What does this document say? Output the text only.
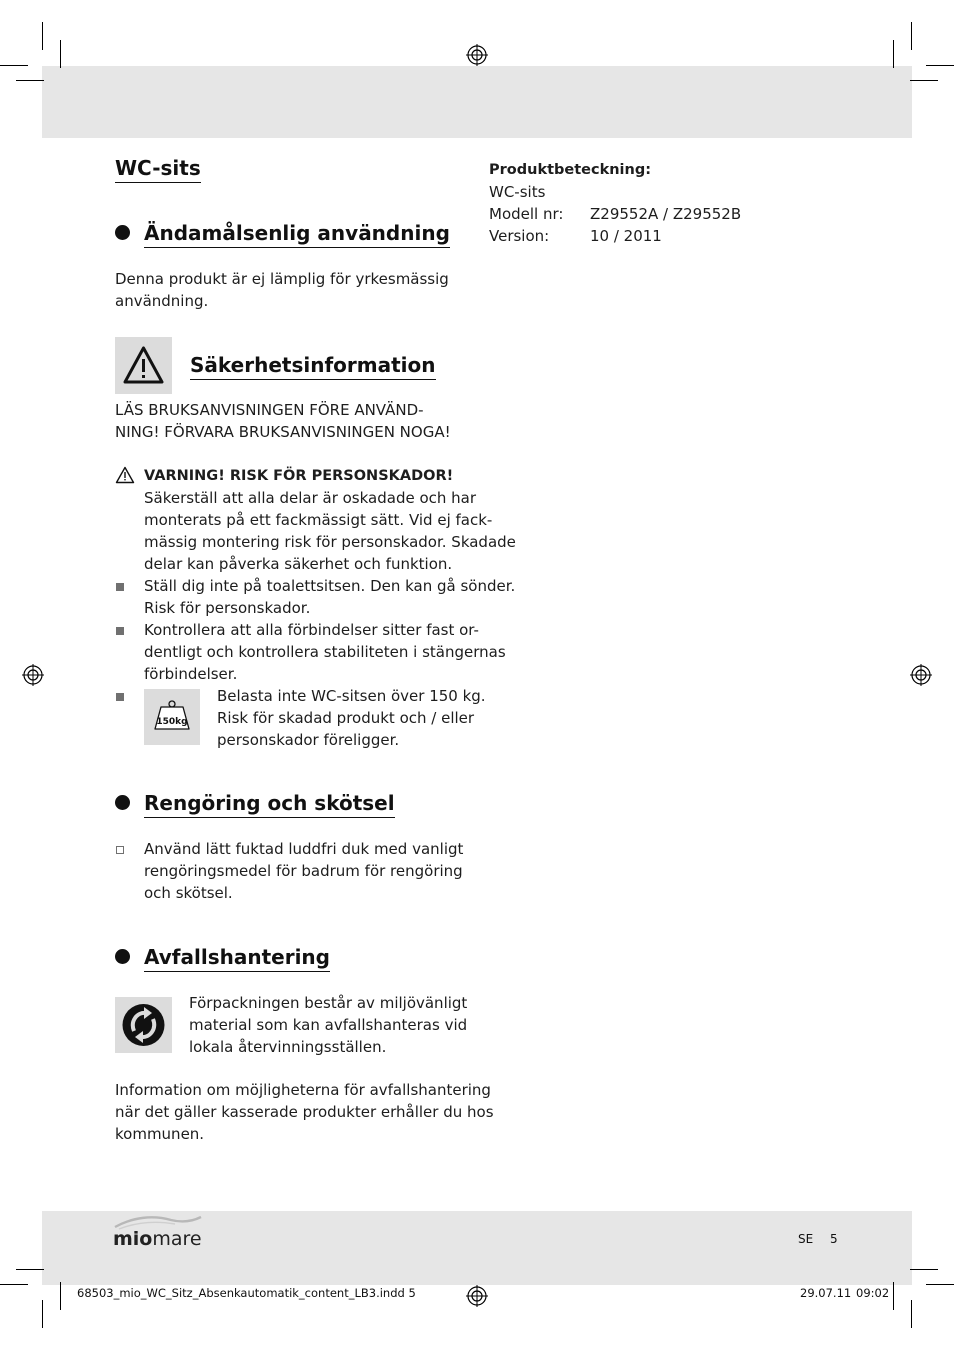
WC-sits
Ändamålsenlig användning
Denna produkt är ej lämplig för yrkesmässig
användning.
Säkerhetsinformation
LÄS BRUKSANVISNINGEN FÖRE ANVÄND-
NING! FÖRVARA BRUKSANVISNINGEN NOGA!
VARNING! RISK FÖR PERSONSKADOR!
Säkerställ att alla delar är oskadade och har
monterats på ett fackmässigt sätt. Vid ej fack-
mässig montering risk för personskador. Skadade
delar kan påverka säkerhet och funktion.
Ställ dig inte på toalettsitsen. Den kan gå sönder.
Risk för personskador.
Kontrollera att alla förbindelser sitter fast or-
dentligt och kontrollera stabiliteten i stängernas
förbindelser.
150kg
Belasta inte WC-sitsen över 150 kg.
Risk för skadad produkt och / eller
personskador föreligger.
Rengöring och skötsel
Använd lätt fuktad luddfri duk med vanligt
rengöringsmedel för badrum för rengöring
och skötsel.
Avfallshantering
Förpackningen består av miljövänligt
material som kan avfallshanteras vid
lokala återvinningsställen.
Information om möjligheterna för avfallshantering
när det gäller kasserade produkter erhåller du hos
kommunen.
Produktbeteckning:
WC-sits
Modell nr: Z29552A / Z29552B
Version:	10 / 2011
miomare	SE 5
68503_mio_WC_Sitz_Absenkautomatik_content_LB3.indd 5	29.07.11 09:02
